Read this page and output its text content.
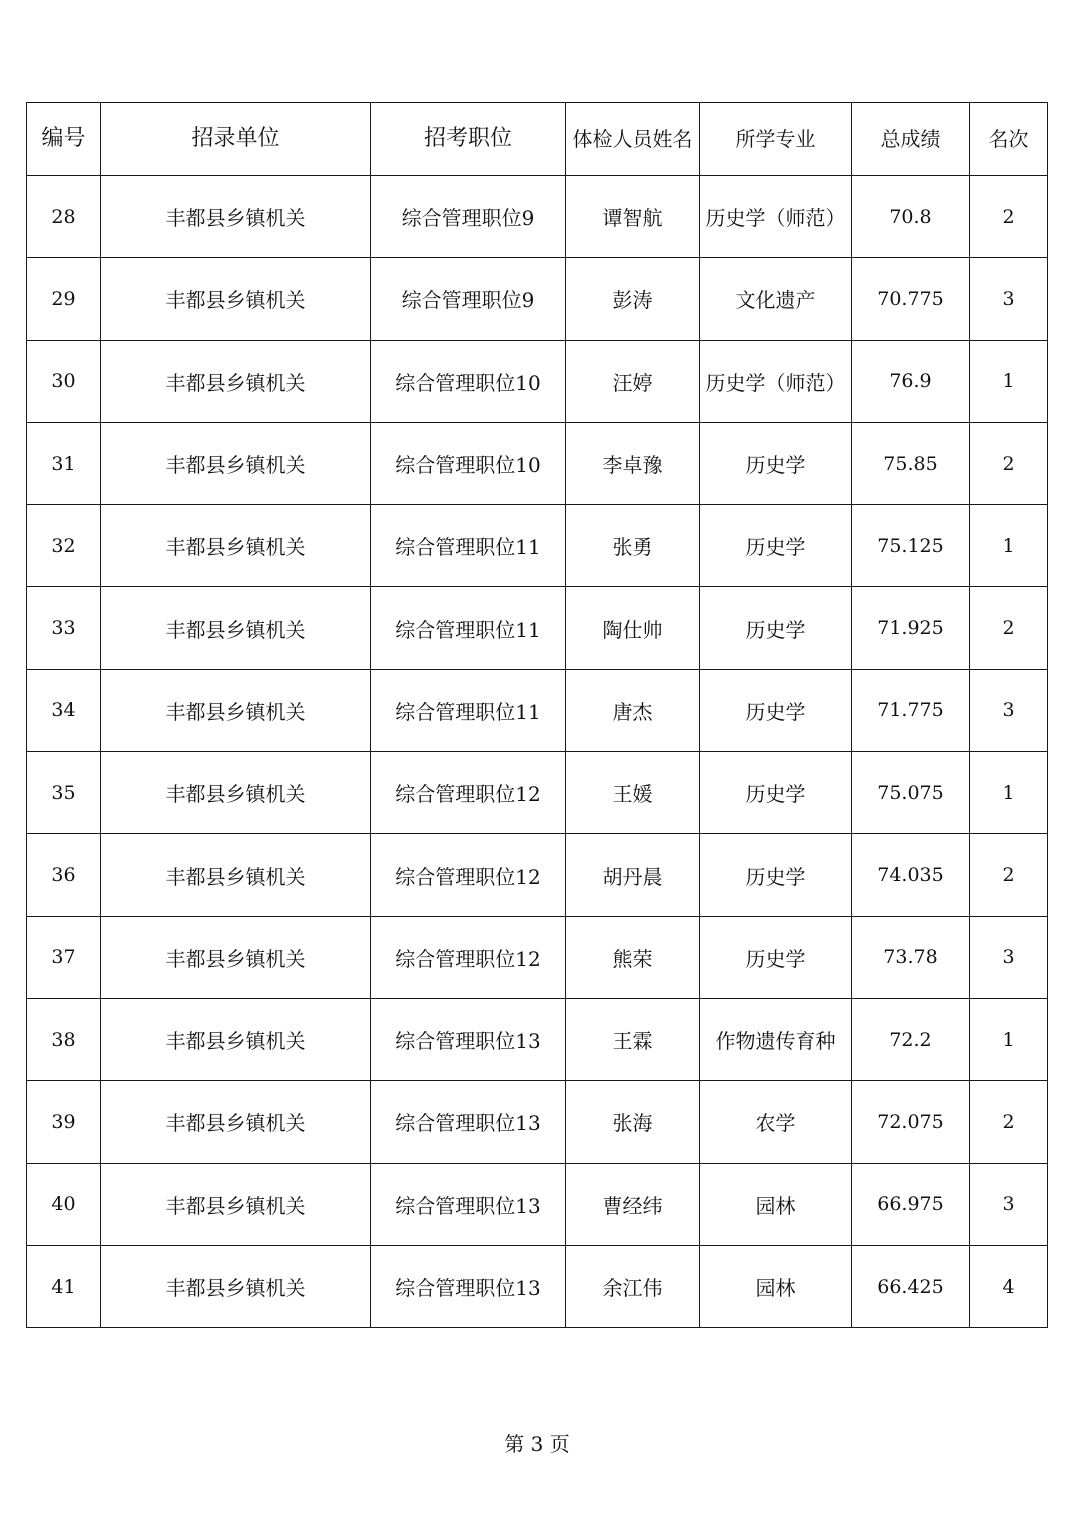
编号	招录单位	招考职位	体检人员姓名	所学专业	总成绩	名次
28	丰都县乡镇机关	综合管理职位9	谭智航	历史学（师范）	70.8	2
29	丰都县乡镇机关	综合管理职位9	彭涛	文化遗产	70.775	3
30	丰都县乡镇机关	综合管理职位10	汪婷	历史学（师范）	76.9	1
31	丰都县乡镇机关	综合管理职位10	李卓豫	历史学	75.85	2
32	丰都县乡镇机关	综合管理职位11	张勇	历史学	75.125	1
33	丰都县乡镇机关	综合管理职位11	陶仕帅	历史学	71.925	2
34	丰都县乡镇机关	综合管理职位11	唐杰	历史学	71.775	3
35	丰都县乡镇机关	综合管理职位12	王媛	历史学	75.075	1
36	丰都县乡镇机关	综合管理职位12	胡丹晨	历史学	74.035	2
37	丰都县乡镇机关	综合管理职位12	熊荣	历史学	73.78	3
38	丰都县乡镇机关	综合管理职位13	王霖	作物遗传育种	72.2	1
39	丰都县乡镇机关	综合管理职位13	张海	农学	72.075	2
40	丰都县乡镇机关	综合管理职位13	曹经纬	园林	66.975	3
41	丰都县乡镇机关	综合管理职位13	余江伟	园林	66.425	4
第 3 页
